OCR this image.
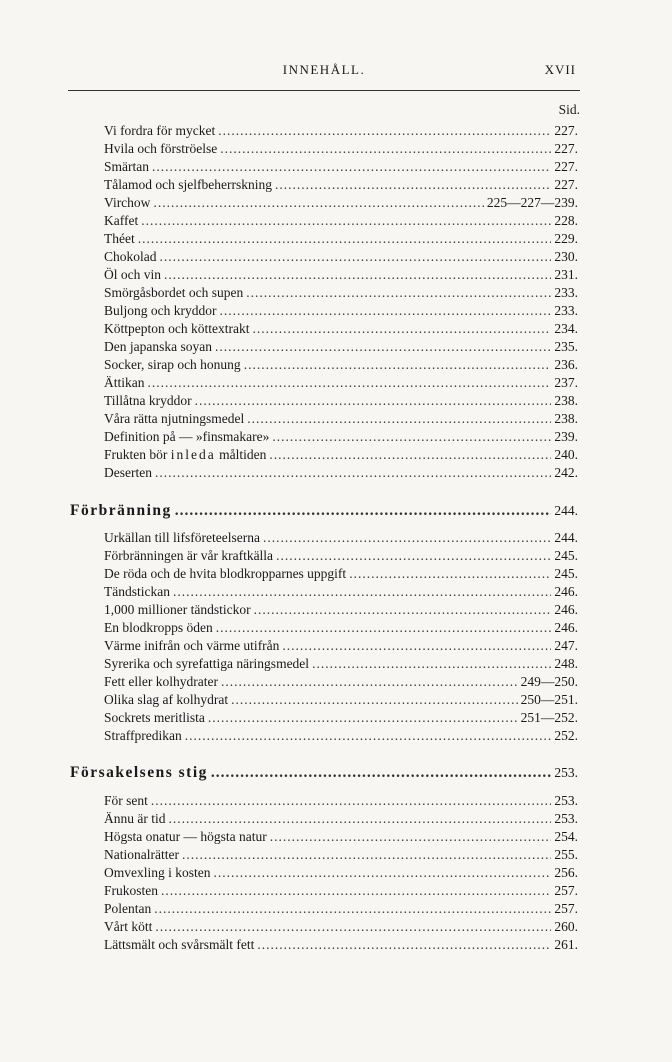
INNEHÅLL.	XVII
Sid.
Vi fordra för mycket .....	227.
Hvila och förströelse .....	227.
Smärtan .....	227.
Tålamod och sjelfbeherrskning .....	227.
Virchow .....	225—227—239.
Kaffet .....	228.
Théet .....	229.
Chokolad .....	230.
Öl och vin .....	231.
Smörgåsbordet och supen .....	233.
Buljong och kryddor .....	233.
Köttpepton och köttextrakt .....	234.
Den japanska soyan .....	235.
Socker, sirap och honung .....	236.
Ättikan .....	237.
Tillåtna kryddor .....	238.
Våra rätta njutningsmedel .....	238.
Definition på — »finsmakare» .....	239.
Frukten bör inleda måltiden .....	240.
Deserten .....	242.
Förbränning .....	244.
Urkällan till lifsföreteelserna .....	244.
Förbränningen är vår kraftkälla .....	245.
De röda och de hvita blodkropparnes uppgift .....	245.
Tändstickan .....	246.
1,000 millioner tändstickor .....	246.
En blodkropps öden .....	246.
Värme inifrån och värme utifrån .....	247.
Syrerika och syrefattiga näringsmedel .....	248.
Fett eller kolhydrater .....	249—250.
Olika slag af kolhydrat .....	250—251.
Sockrets meritlista .....	251—252.
Straffpredikan .....	252.
Försakelsens stig .....	253.
För sent .....	253.
Ännu är tid .....	253.
Högsta onatur — högsta natur .....	254.
Nationalrätter .....	255.
Omvexling i kosten .....	256.
Frukosten .....	257.
Polentan .....	257.
Vårt kött .....	260.
Lättsmält och svårsmält fett .....	261.
